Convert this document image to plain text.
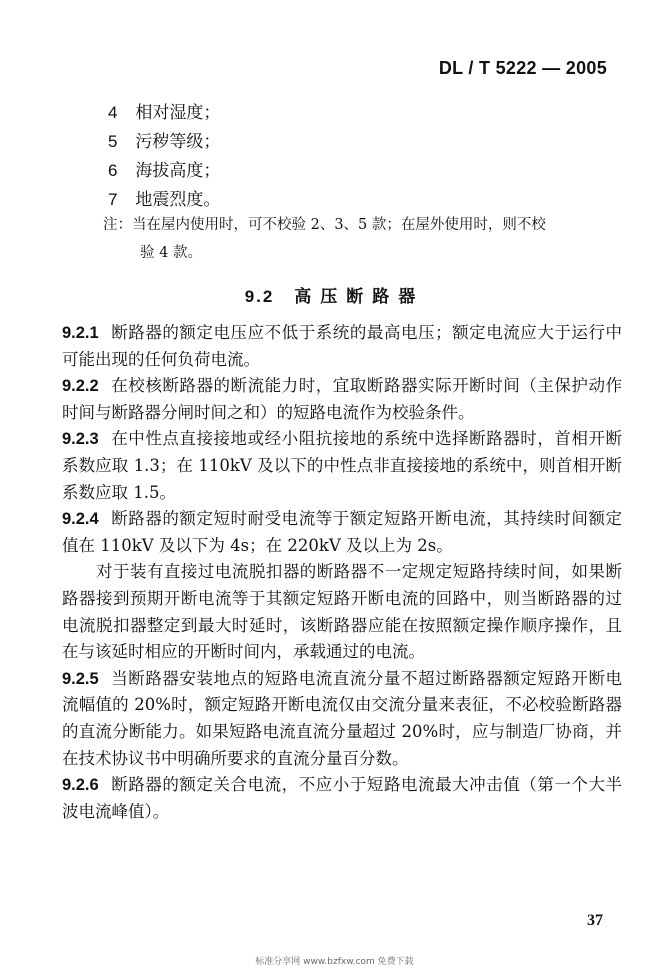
DL / T 5222 — 2005
4 相对湿度；
5 污秽等级；
6 海拔高度；
7 地震烈度。
注：当在屋内使用时，可不校验 2、3、5 款；在屋外使用时，则不校
验 4 款。
9.2 高压断路器

9.2.1 断路器的额定电压应不低于系统的最高电压；额定电流应大于运行中可能出现的任何负荷电流。

9.2.2 在校核断路器的断流能力时，宜取断路器实际开断时间（主保护动作时间与断路器分闸时间之和）的短路电流作为校验条件。

9.2.3 在中性点直接接地或经小阻抗接地的系统中选择断路器时，首相开断系数应取 1.3；在 110kV 及以下的中性点非直接接地的系统中，则首相开断系数应取 1.5。

9.2.4 断路器的额定短时耐受电流等于额定短路开断电流，其持续时间额定值在 110kV 及以下为 4s；在 220kV 及以上为 2s。

对于装有直接过电流脱扣器的断路器不一定规定短路持续时间，如果断路器接到预期开断电流等于其额定短路开断电流的回路中，则当断路器的过电流脱扣器整定到最大时延时，该断路器应能在按照额定操作顺序操作，且在与该延时相应的开断时间内，承载通过的电流。

9.2.5 当断路器安装地点的短路电流直流分量不超过断路器额定短路开断电流幅值的 20%时，额定短路开断电流仅由交流分量来表征，不必校验断路器的直流分断能力。如果短路电流直流分量超过 20%时，应与制造厂协商，并在技术协议书中明确所要求的直流分量百分数。

9.2.6 断路器的额定关合电流，不应小于短路电流最大冲击值（第一个大半波电流峰值）。

37
标准分享网 www.bzfxw.com 免费下载
